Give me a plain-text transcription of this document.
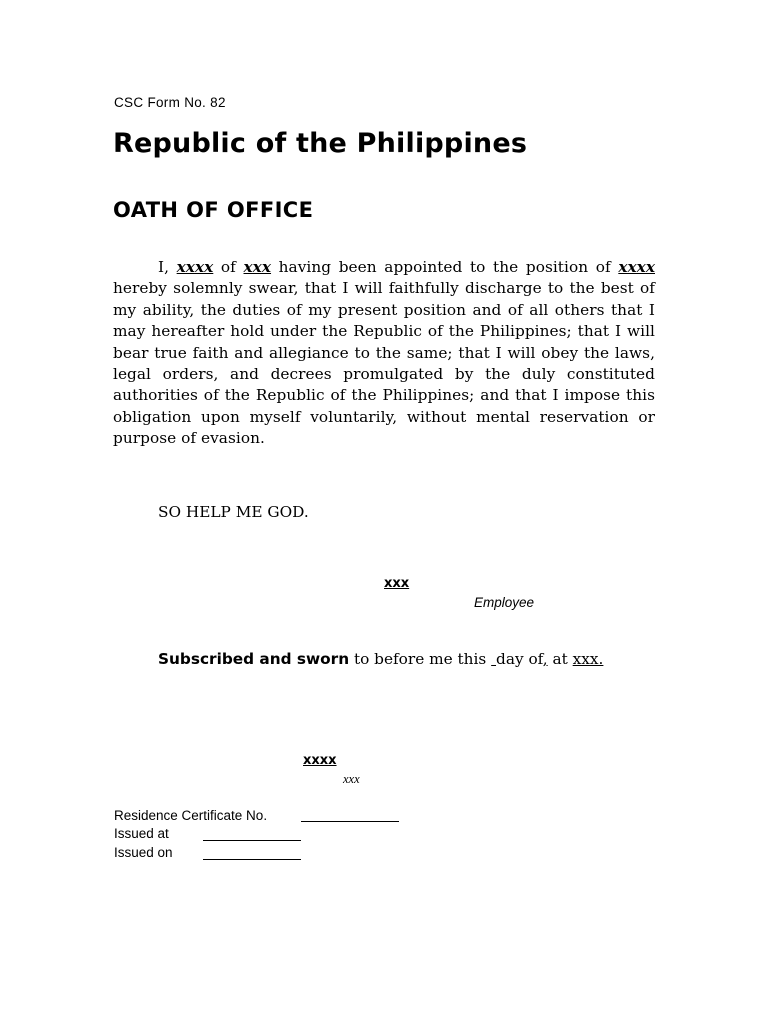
CSC Form No. 82
Republic of the Philippines
OATH OF OFFICE
I, xxxx of xxx having been appointed to the position of xxxx hereby solemnly swear, that I will faithfully discharge to the best of my ability, the duties of my present position and of all others that I may hereafter hold under the Republic of the Philippines; that I will bear true faith and allegiance to the same; that I will obey the laws, legal orders, and decrees promulgated by the duly constituted authorities of the Republic of the Philippines; and that I impose this obligation upon myself voluntarily, without mental reservation or purpose of evasion.
SO HELP ME GOD.
xxx
Employee
Subscribed and sworn to before me this  day of, at xxx.
xxxx
xxx
Residence Certificate No.
Issued at
Issued on
